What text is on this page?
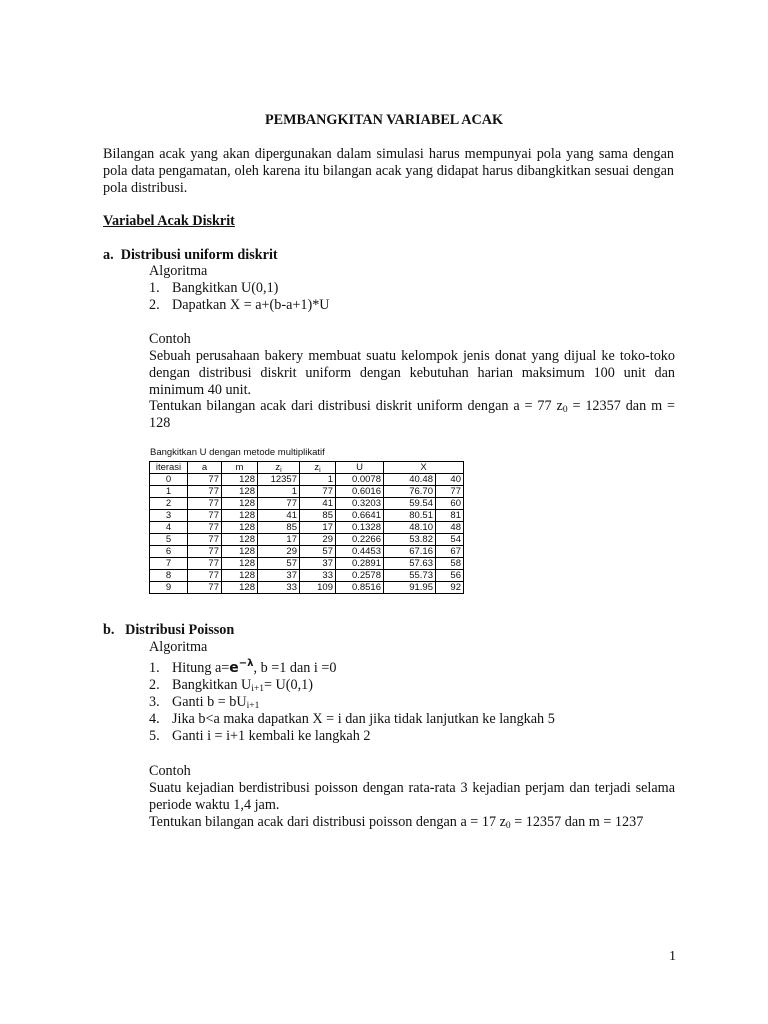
PEMBANGKITAN VARIABEL ACAK
Bilangan acak yang akan dipergunakan dalam simulasi harus mempunyai pola yang sama dengan pola data pengamatan, oleh karena itu bilangan acak yang didapat harus dibangkitkan sesuai dengan pola distribusi.
Variabel Acak Diskrit
a.  Distribusi uniform diskrit
Algoritma
1. Bangkitkan U(0,1)
2. Dapatkan X = a+(b-a+1)*U
Contoh
Sebuah perusahaan bakery membuat suatu kelompok jenis donat yang dijual ke toko-toko dengan distribusi diskrit uniform dengan kebutuhan harian maksimum 100 unit dan minimum 40 unit.
Tentukan bilangan acak dari distribusi diskrit uniform dengan a = 77 $z_0 = 12357$ dan m = 128
Bangkitkan U dengan metode multiplikatif
iterasi	a	m	$z_i$	$z_i$	U	X	
0	77	128	12357	1	0.0078	40.48	40
1	77	128	1	77	0.6016	76.70	77
2	77	128	77	41	0.3203	59.54	60
3	77	128	41	85	0.6641	80.51	81
4	77	128	85	17	0.1328	48.10	48
5	77	128	17	29	0.2266	53.82	54
6	77	128	29	57	0.4453	67.16	67
7	77	128	57	37	0.2891	57.63	58
8	77	128	37	33	0.2578	55.73	56
9	77	128	33	109	0.8516	91.95	92
b.   Distribusi Poisson
Algoritma
1. Hitung $a=e^{-\lambda}$, b =1 dan i =0
2. Bangkitkan $U_{i+1}= U(0,1)$
3. Ganti $b = bU_{i+1}$
4. Jika b<a maka dapatkan X = i dan jika tidak lanjutkan ke langkah 5
5. Ganti i = i+1 kembali ke langkah 2
Contoh
Suatu kejadian berdistribusi poisson dengan rata-rata 3 kejadian perjam dan terjadi selama periode waktu 1,4 jam.
Tentukan bilangan acak dari distribusi poisson dengan a = 17 $z_0 = 12357$ dan m = 1237
1
